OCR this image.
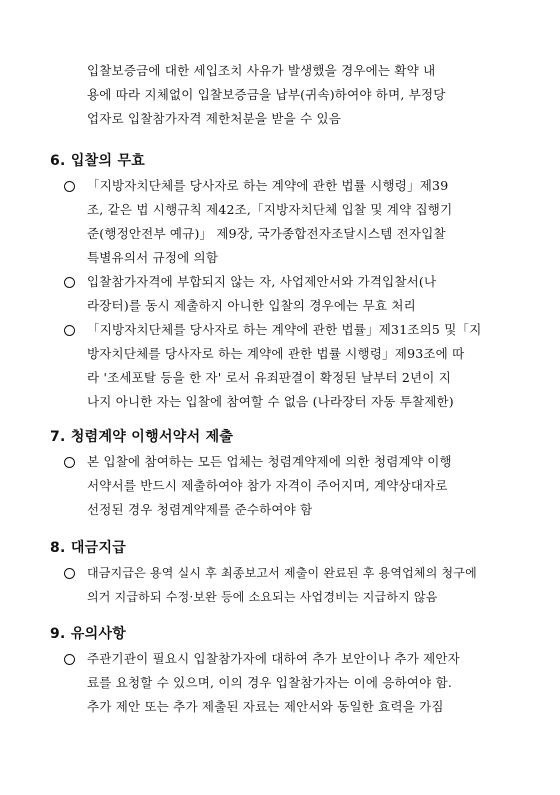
입찰보증금에 대한 세입조치 사유가 발생했을 경우에는 확약 내
용에 따라 지체없이 입찰보증금을 납부(귀속)하여야 하며, 부정당
업자로 입찰참가자격 제한처분을 받을 수 있음
6. 입찰의 무효
「지방자치단체를 당사자로 하는 계약에 관한 법률 시행령」제39
조, 같은 법 시행규칙 제42조,「지방자치단체 입찰 및 계약 집행기
준(행정안전부 예규)」 제9장, 국가종합전자조달시스템 전자입찰
특별유의서 규정에 의함
입찰참가자격에 부합되지 않는 자, 사업제안서와 가격입찰서(나
라장터)를 동시 제출하지 아니한 입찰의 경우에는 무효 처리
「지방자치단체를 당사자로 하는 계약에 관한 법률」제31조의5 및「지
방자치단체를 당사자로 하는 계약에 관한 법률 시행령」제93조에 따
라 '조세포탈 등을 한 자' 로서 유죄판결이 확정된 날부터 2년이 지
나지 아니한 자는 입찰에 참여할 수 없음 (나라장터 자동 투찰제한)
7. 청렴계약 이행서약서 제출
본 입찰에 참여하는 모든 업체는 청렴계약제에 의한 청렴계약 이행
서약서를 반드시 제출하여야 참가 자격이 주어지며, 계약상대자로
선정된 경우 청렴계약제를 준수하여야 함
8. 대금지급
대금지급은 용역 실시 후 최종보고서 제출이 완료된 후 용역업체의 청구에
의거 지급하되 수정·보완 등에 소요되는 사업경비는 지급하지 않음
9. 유의사항
주관기관이 필요시 입찰참가자에 대하여 추가 보안이나 추가 제안자
료를 요청할 수 있으며, 이의 경우 입찰참가자는 이에 응하여야 함.
추가 제안 또는 추가 제출된 자료는 제안서와 동일한 효력을 가짐
